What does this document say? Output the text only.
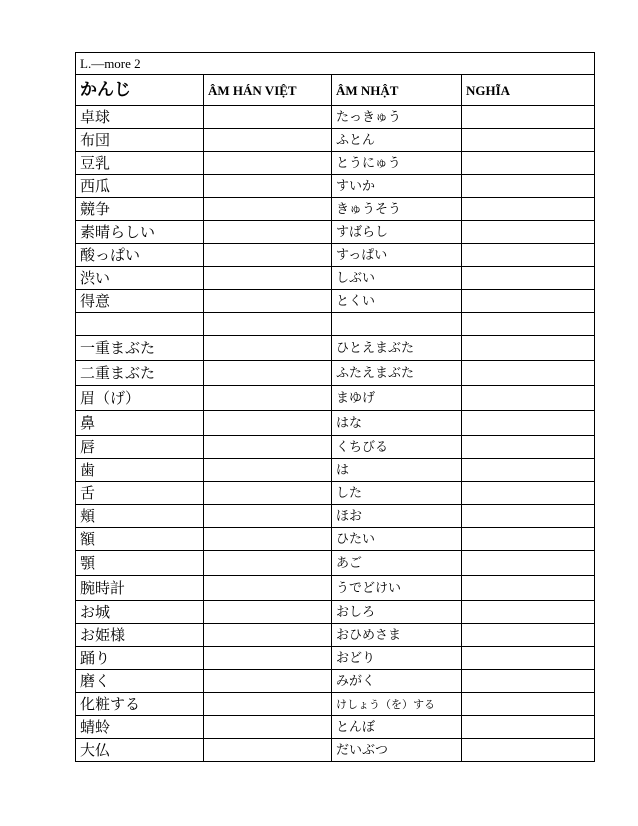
L.—more 2			
かんじ	ÂM HÁN VIỆT	ÂM NHẬT	NGHĨA
卓球		たっきゅう	
布団		ふとん	
豆乳		とうにゅう	
西瓜		すいか	
競争		きゅうそう	
素晴らしい		すばらし	
酸っぱい		すっぱい	
渋い		しぶい	
得意		とくい	

一重まぶた		ひとえまぶた	
二重まぶた		ふたえまぶた	
眉（げ）		まゆげ	
鼻		はな	
唇		くちびる	
歯		は	
舌		した	
頬		ほお	
額		ひたい	
顎		あご	
腕時計		うでどけい	
お城		おしろ	
お姫様		おひめさま	
踊り		おどり	
磨く		みがく	
化粧する		けしょう（を）する	
蜻蛉		とんぼ	
大仏		だいぶつ	
